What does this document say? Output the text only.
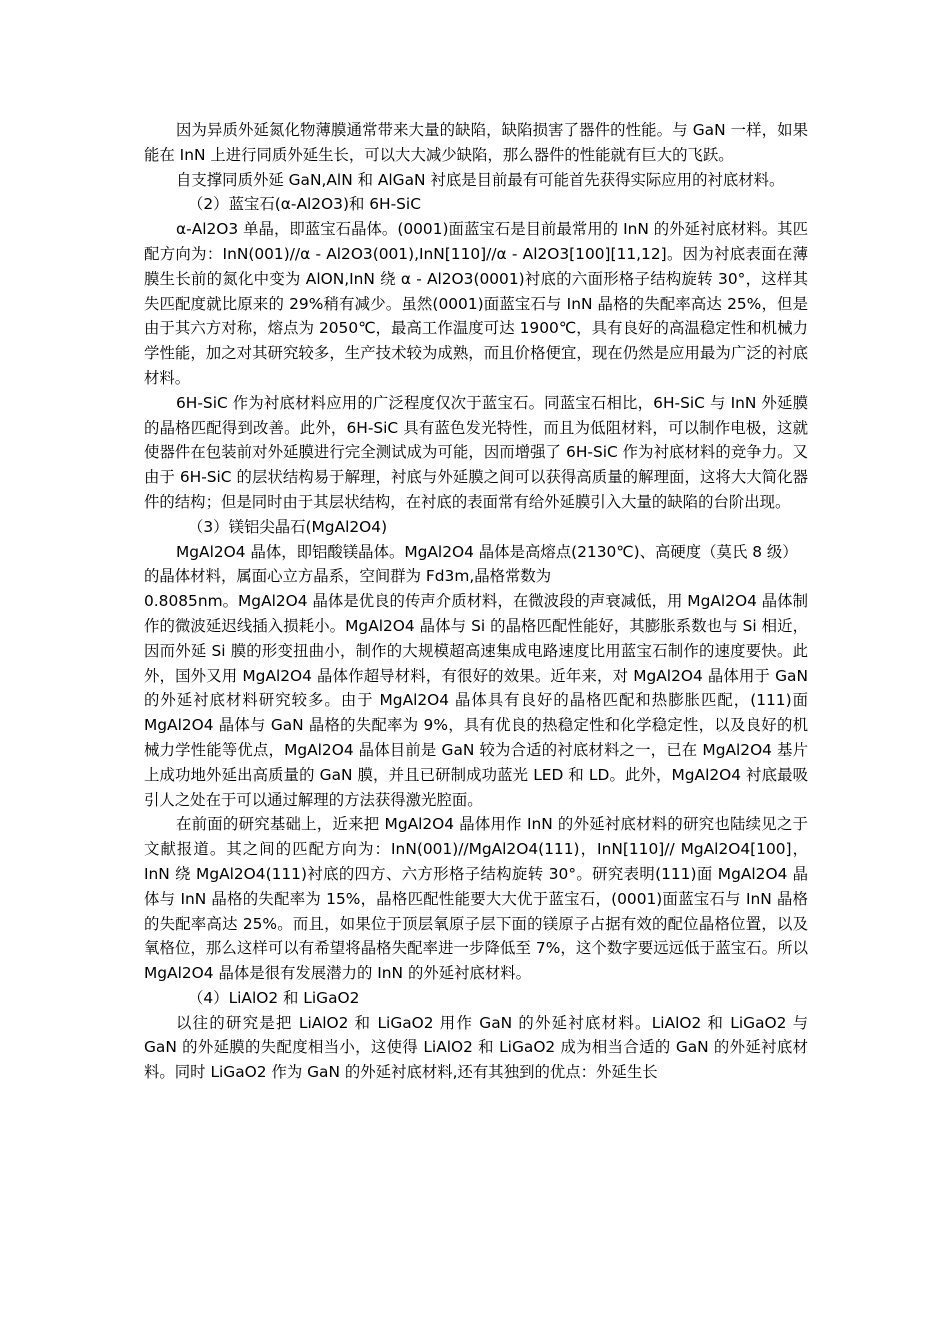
因为异质外延氮化物薄膜通常带来大量的缺陷，缺陷损害了器件的性能。与 GaN 一样，如果能在 InN 上进行同质外延生长，可以大大减少缺陷，那么器件的性能就有巨大的飞跃。

自支撑同质外延 GaN,AlN 和 AlGaN 衬底是目前最有可能首先获得实际应用的衬底材料。

（2）蓝宝石(α-Al2O3)和 6H-SiC

α-Al2O3 单晶，即蓝宝石晶体。(0001)面蓝宝石是目前最常用的 InN 的外延衬底材料。其匹配方向为：InN(001)//α - Al2O3(001),InN[110]//α - Al2O3[100][11,12]。因为衬底表面在薄膜生长前的氮化中变为 AlON,InN 绕 α - Al2O3(0001)衬底的六面形格子结构旋转 30°，这样其失匹配度就比原来的 29%稍有减少。虽然(0001)面蓝宝石与 InN 晶格的失配率高达 25%，但是由于其六方对称，熔点为 2050℃，最高工作温度可达 1900℃，具有良好的高温稳定性和机械力学性能，加之对其研究较多，生产技术较为成熟，而且价格便宜，现在仍然是应用最为广泛的衬底材料。

6H-SiC 作为衬底材料应用的广泛程度仅次于蓝宝石。同蓝宝石相比，6H-SiC 与 InN 外延膜的晶格匹配得到改善。此外，6H-SiC 具有蓝色发光特性，而且为低阻材料，可以制作电极，这就使器件在包装前对外延膜进行完全测试成为可能，因而增强了 6H-SiC 作为衬底材料的竞争力。又由于 6H-SiC 的层状结构易于解理，衬底与外延膜之间可以获得高质量的解理面，这将大大简化器件的结构；但是同时由于其层状结构，在衬底的表面常有给外延膜引入大量的缺陷的台阶出现。

（3）镁铝尖晶石(MgAl2O4)

MgAl2O4 晶体，即铝酸镁晶体。MgAl2O4 晶体是高熔点(2130℃)、高硬度（莫氏 8 级）的晶体材料，属面心立方晶系，空间群为 Fd3m,晶格常数为

0.8085nm。MgAl2O4 晶体是优良的传声介质材料，在微波段的声衰减低，用 MgAl2O4 晶体制作的微波延迟线插入损耗小。MgAl2O4 晶体与 Si 的晶格匹配性能好，其膨胀系数也与 Si 相近，因而外延 Si 膜的形变扭曲小，制作的大规模超高速集成电路速度比用蓝宝石制作的速度要快。此外，国外又用 MgAl2O4 晶体作超导材料，有很好的效果。近年来，对 MgAl2O4 晶体用于 GaN 的外延衬底材料研究较多。由于 MgAl2O4 晶体具有良好的晶格匹配和热膨胀匹配，(111)面 MgAl2O4 晶体与 GaN 晶格的失配率为 9%，具有优良的热稳定性和化学稳定性，以及良好的机械力学性能等优点，MgAl2O4 晶体目前是 GaN 较为合适的衬底材料之一，已在 MgAl2O4 基片上成功地外延出高质量的 GaN 膜，并且已研制成功蓝光 LED 和 LD。此外，MgAl2O4 衬底最吸引人之处在于可以通过解理的方法获得激光腔面。

在前面的研究基础上，近来把 MgAl2O4 晶体用作 InN 的外延衬底材料的研究也陆续见之于文献报道。其之间的匹配方向为：InN(001)//MgAl2O4(111)，InN[110]// MgAl2O4[100]，InN 绕 MgAl2O4(111)衬底的四方、六方形格子结构旋转 30°。研究表明(111)面 MgAl2O4 晶体与 InN 晶格的失配率为 15%，晶格匹配性能要大大优于蓝宝石，(0001)面蓝宝石与 InN 晶格的失配率高达 25%。而且，如果位于顶层氧原子层下面的镁原子占据有效的配位晶格位置，以及氧格位，那么这样可以有希望将晶格失配率进一步降低至 7%，这个数字要远远低于蓝宝石。所以 MgAl2O4 晶体是很有发展潜力的 InN 的外延衬底材料。

（4）LiAlO2 和 LiGaO2

以往的研究是把 LiAlO2 和 LiGaO2 用作 GaN 的外延衬底材料。LiAlO2 和 LiGaO2 与 GaN 的外延膜的失配度相当小，这使得 LiAlO2 和 LiGaO2 成为相当合适的 GaN 的外延衬底材料。同时 LiGaO2 作为 GaN 的外延衬底材料,还有其独到的优点：外延生长
